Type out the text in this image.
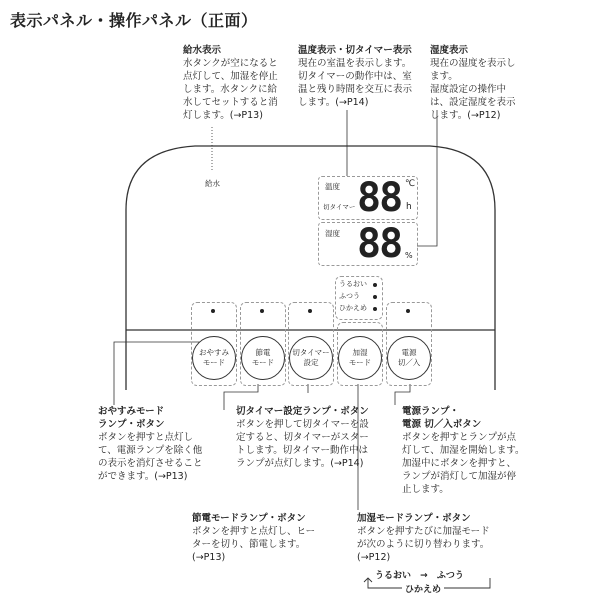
表示パネル・操作パネル（正面）
給水表示
水タンクが空になると
点灯して、加湿を停止
します。水タンクに給
水してセットすると消
灯します。(→P13)
温度表示・切タイマー表示
現在の室温を表示します。
切タイマーの動作中は、室
温と残り時間を交互に表示
します。(→P14)
湿度表示
現在の湿度を表示し
ます。
湿度設定の操作中
は、設定湿度を表示
します。(→P12)
給水	温度
切タイマー 88 ℃
h
湿度 88 %
うるおい
ふつう
ひかえめ
おやすみ
モード
節電
モード
切タイマー
設定
加湿
モード
電源
切／入
おやすみモード
ランプ・ボタン
ボタンを押すと点灯し
て、電源ランプを除く他
の表示を消灯させること
ができます。(→P13)
切タイマー設定ランプ・ボタン
ボタンを押して切タイマーを設
定すると、切タイマーがスター
トします。切タイマー動作中は
ランプが点灯します。(→P14)
電源ランプ・
電源 切／入ボタン
ボタンを押すとランプが点
灯して、加湿を開始します。
加湿中にボタンを押すと、
ランプが消灯して加湿が停
止します。
節電モードランプ・ボタン
ボタンを押すと点灯し、ヒー
ターを切り、節電します。
(→P13)
加湿モードランプ・ボタン
ボタンを押すたびに加湿モード
が次のように切り替わります。
(→P12)
うるおい → ふつう
ひかえめ
